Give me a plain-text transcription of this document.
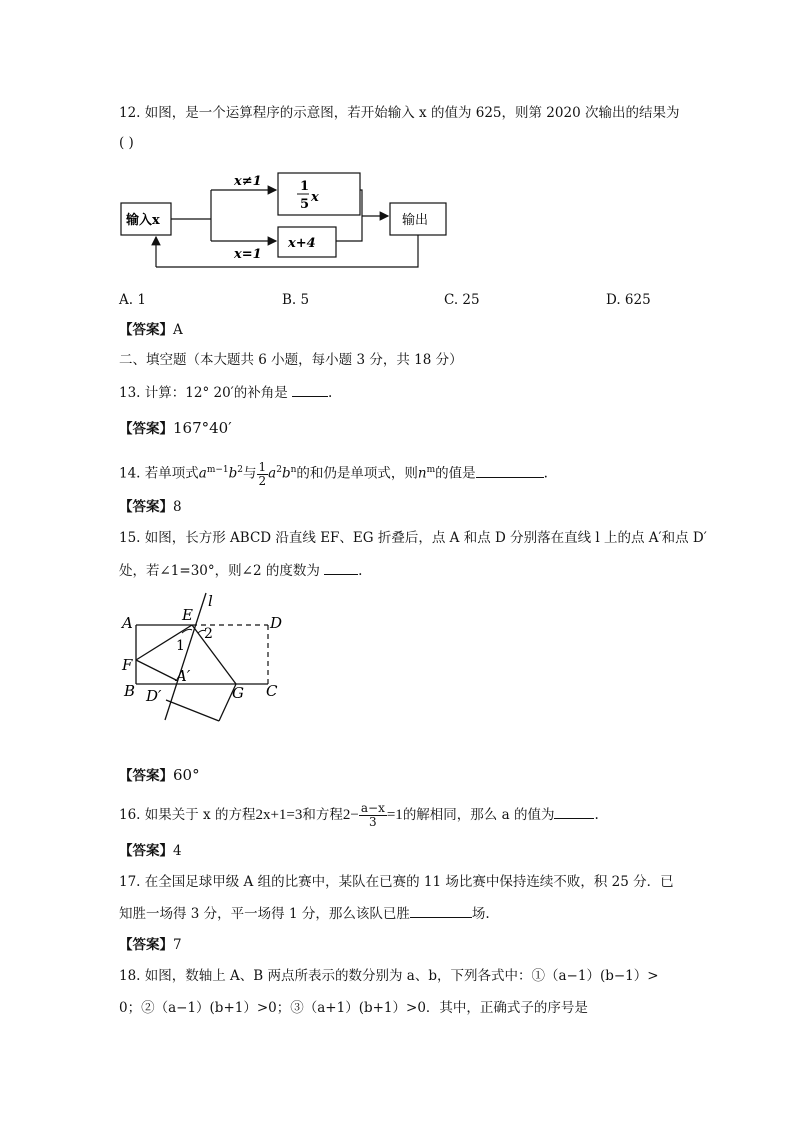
12. 如图，是一个运算程序的示意图，若开始输入 x 的值为 625，则第 2020 次输出的结果为
( )
输入x
1
5 x
x+4
输出
x≠1
x=1
A. 1	B. 5	C. 25	D. 625
【答案】A
二、填空题（本大题共 6 小题，每小题 3 分，共 18 分）
13. 计算：12° 20′的补角是	.
【答案】167°40′
14. 若单项式$a^{m-1}b^2$与 $\frac{1}{2} a^2b^n$的和仍是单项式，则$n^m$的值是	.
【答案】8
15. 如图，长方形 ABCD 沿直线 EF、EG 折叠后，点 A 和点 D 分别落在直线 l 上的点 A′和点 D′
处，若∠1=30°，则∠2 的度数为	.
A	E
l
D
1
2
F
A′
B D′	G C
【答案】60°
16. 如果关于 x 的方程2x+1=3和方程$2- \frac{a-x}{3} =1$的解相同，那么 a 的值为	.
【答案】4
17. 在全国足球甲级 A 组的比赛中，某队在已赛的 11 场比赛中保持连续不败，积 25 分．已
知胜一场得 3 分，平一场得 1 分，那么该队已胜	场.
【答案】7
18. 如图，数轴上 A、B 两点所表示的数分别为 a、b，下列各式中：①（a−1）(b−1）>
0；②（a−1）(b+1）>0；③（a+1）(b+1）>0．其中，正确式子的序号是
